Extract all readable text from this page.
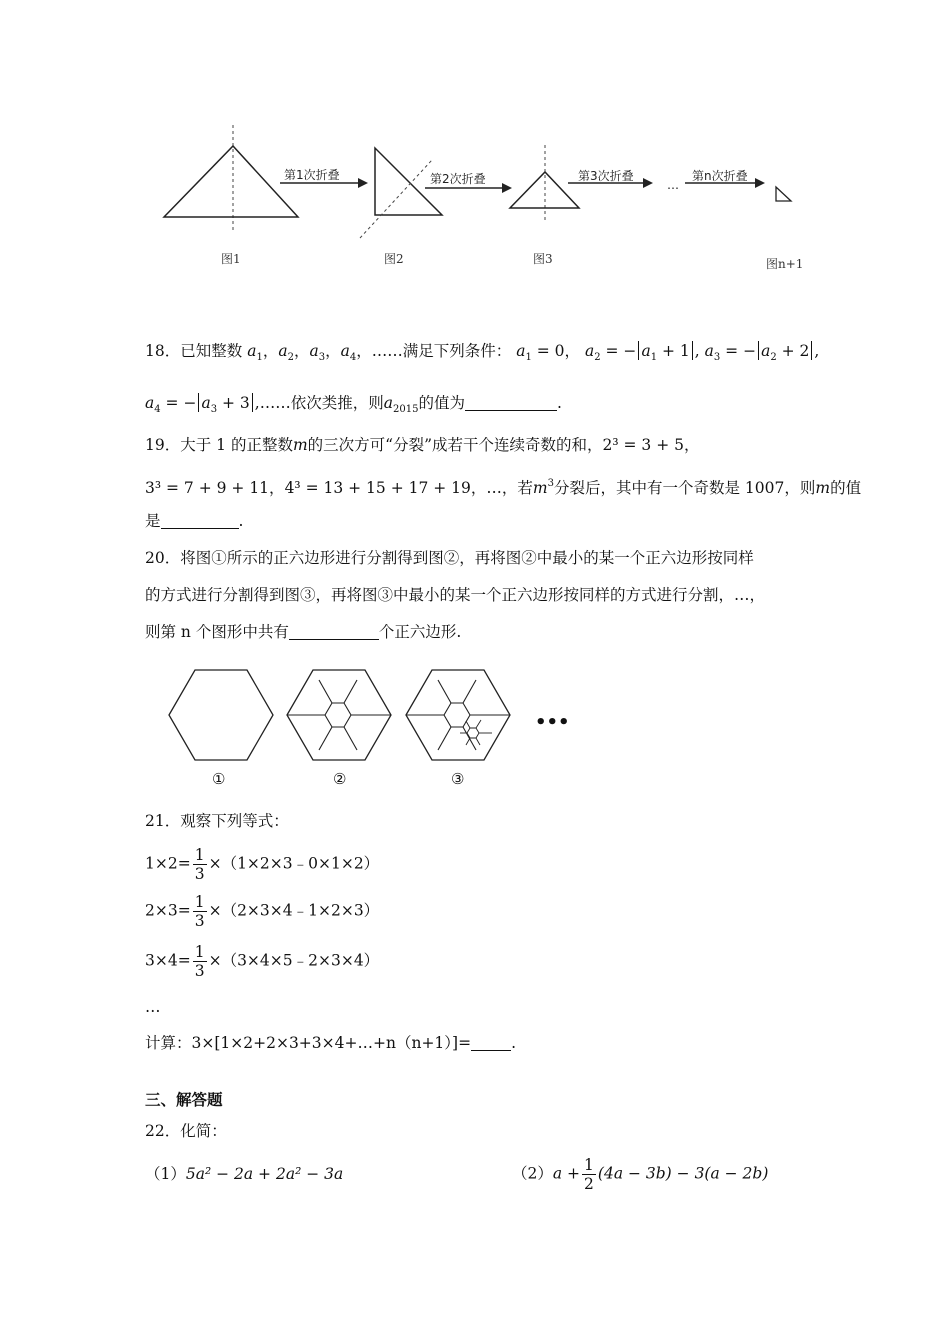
第1次折叠	第2次折叠	第3次折叠
…
第n次折叠
图1	图2	图3	图n+1
18．已知整数 $a_1$，$a_2$，$a_3$，$a_4$，……满足下列条件： $a_1 = 0$， $a_2$ = − $a_1 + 1$ , $a_3$ = − $a_2 + 2$ ,
$a_4$ = − $a_3 + 3$ ,……依次类推，则$a_{2015}$的值为	.
19．大于 1 的正整数m的三次方可“分裂”成若干个连续奇数的和，2³ = 3 + 5，
3³ = 7 + 9 + 11，4³ = 13 + 15 + 17 + 19，…，若$m^3$分裂后，其中有一个奇数是 1007，则m的值
是	.
20．将图①所示的正六边形进行分割得到图②，再将图②中最小的某一个正六边形按同样
的方式进行分割得到图③，再将图③中最小的某一个正六边形按同样的方式进行分割，…，
则第 n 个图形中共有	个正六边形.
•••
①	②	③
21．观察下列等式：
$1\times 2= \frac{1}{3}$ ×（1×2×3﹣0×1×2）
$2\times 3= \frac{1}{3}$ ×（2×3×4﹣1×2×3）
$3\times 4= \frac{1}{3}$ ×（3×4×5﹣2×3×4）
…
计算：3×[1×2+2×3+3×4+…+n（n+1）]=	.
三、解答题
22．化简：
（1）5a² − 2a + 2a² − 3a	$(2)a + \frac{1}{2} (4a - 3b) - 3(a - 2b)$
